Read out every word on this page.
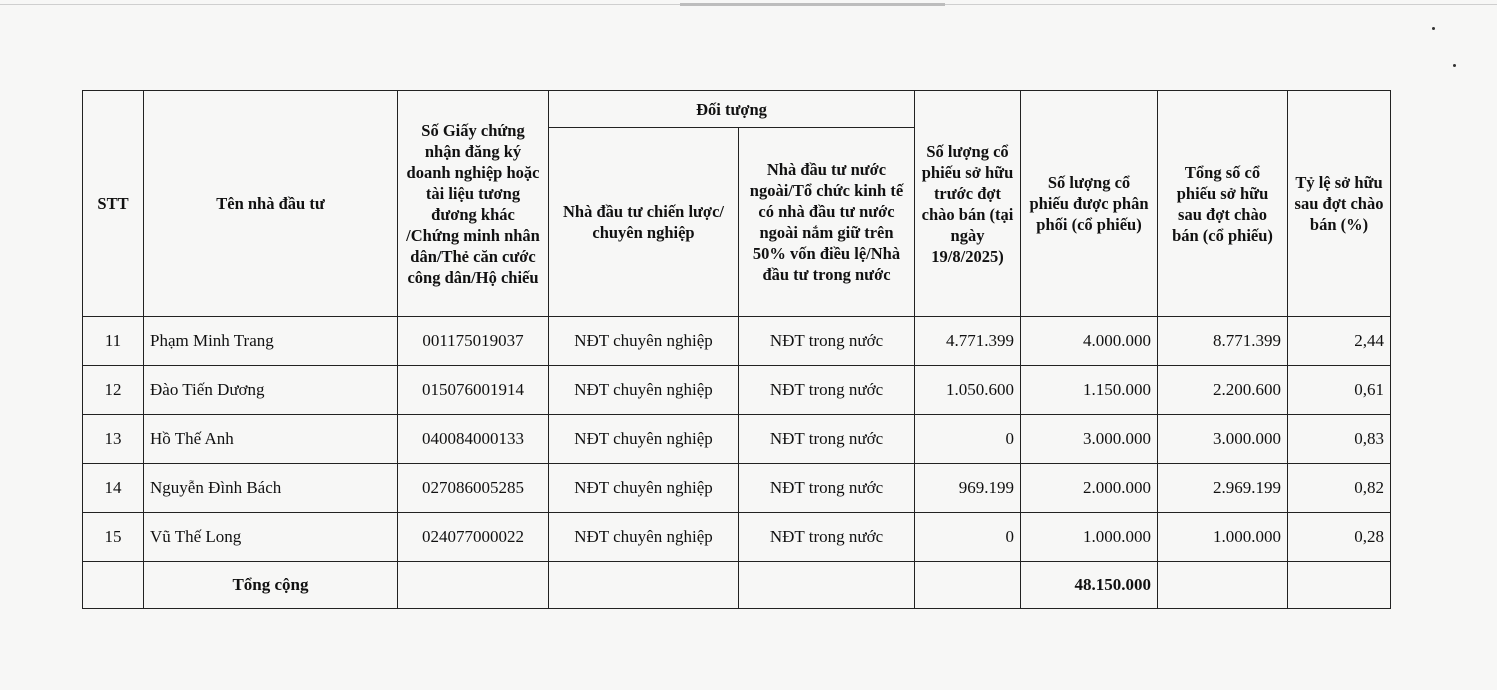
STT	Tên nhà đầu tư	Số Giấy chứng nhận đăng ký doanh nghiệp hoặc tài liệu tương đương khác /Chứng minh nhân dân/Thẻ căn cước công dân/Hộ chiếu	Đối tượng		Số lượng cổ phiếu sở hữu trước đợt chào bán (tại ngày 19/8/2025)	Số lượng cổ phiếu được phân phối (cổ phiếu)	Tổng số cổ phiếu sở hữu sau đợt chào bán (cổ phiếu)	Tỷ lệ sở hữu sau đợt chào bán (%)
			Nhà đầu tư chiến lược/ chuyên nghiệp	Nhà đầu tư nước ngoài/Tổ chức kinh tế có nhà đầu tư nước ngoài nắm giữ trên 50% vốn điều lệ/Nhà đầu tư trong nước				
11	Phạm Minh Trang	001175019037	NĐT chuyên nghiệp	NĐT trong nước	4.771.399	4.000.000	8.771.399	2,44
12	Đào Tiến Dương	015076001914	NĐT chuyên nghiệp	NĐT trong nước	1.050.600	1.150.000	2.200.600	0,61
13	Hồ Thế Anh	040084000133	NĐT chuyên nghiệp	NĐT trong nước	0	3.000.000	3.000.000	0,83
14	Nguyễn Đình Bách	027086005285	NĐT chuyên nghiệp	NĐT trong nước	969.199	2.000.000	2.969.199	0,82
15	Vũ Thế Long	024077000022	NĐT chuyên nghiệp	NĐT trong nước	0	1.000.000	1.000.000	0,28
	Tổng cộng					48.150.000		
